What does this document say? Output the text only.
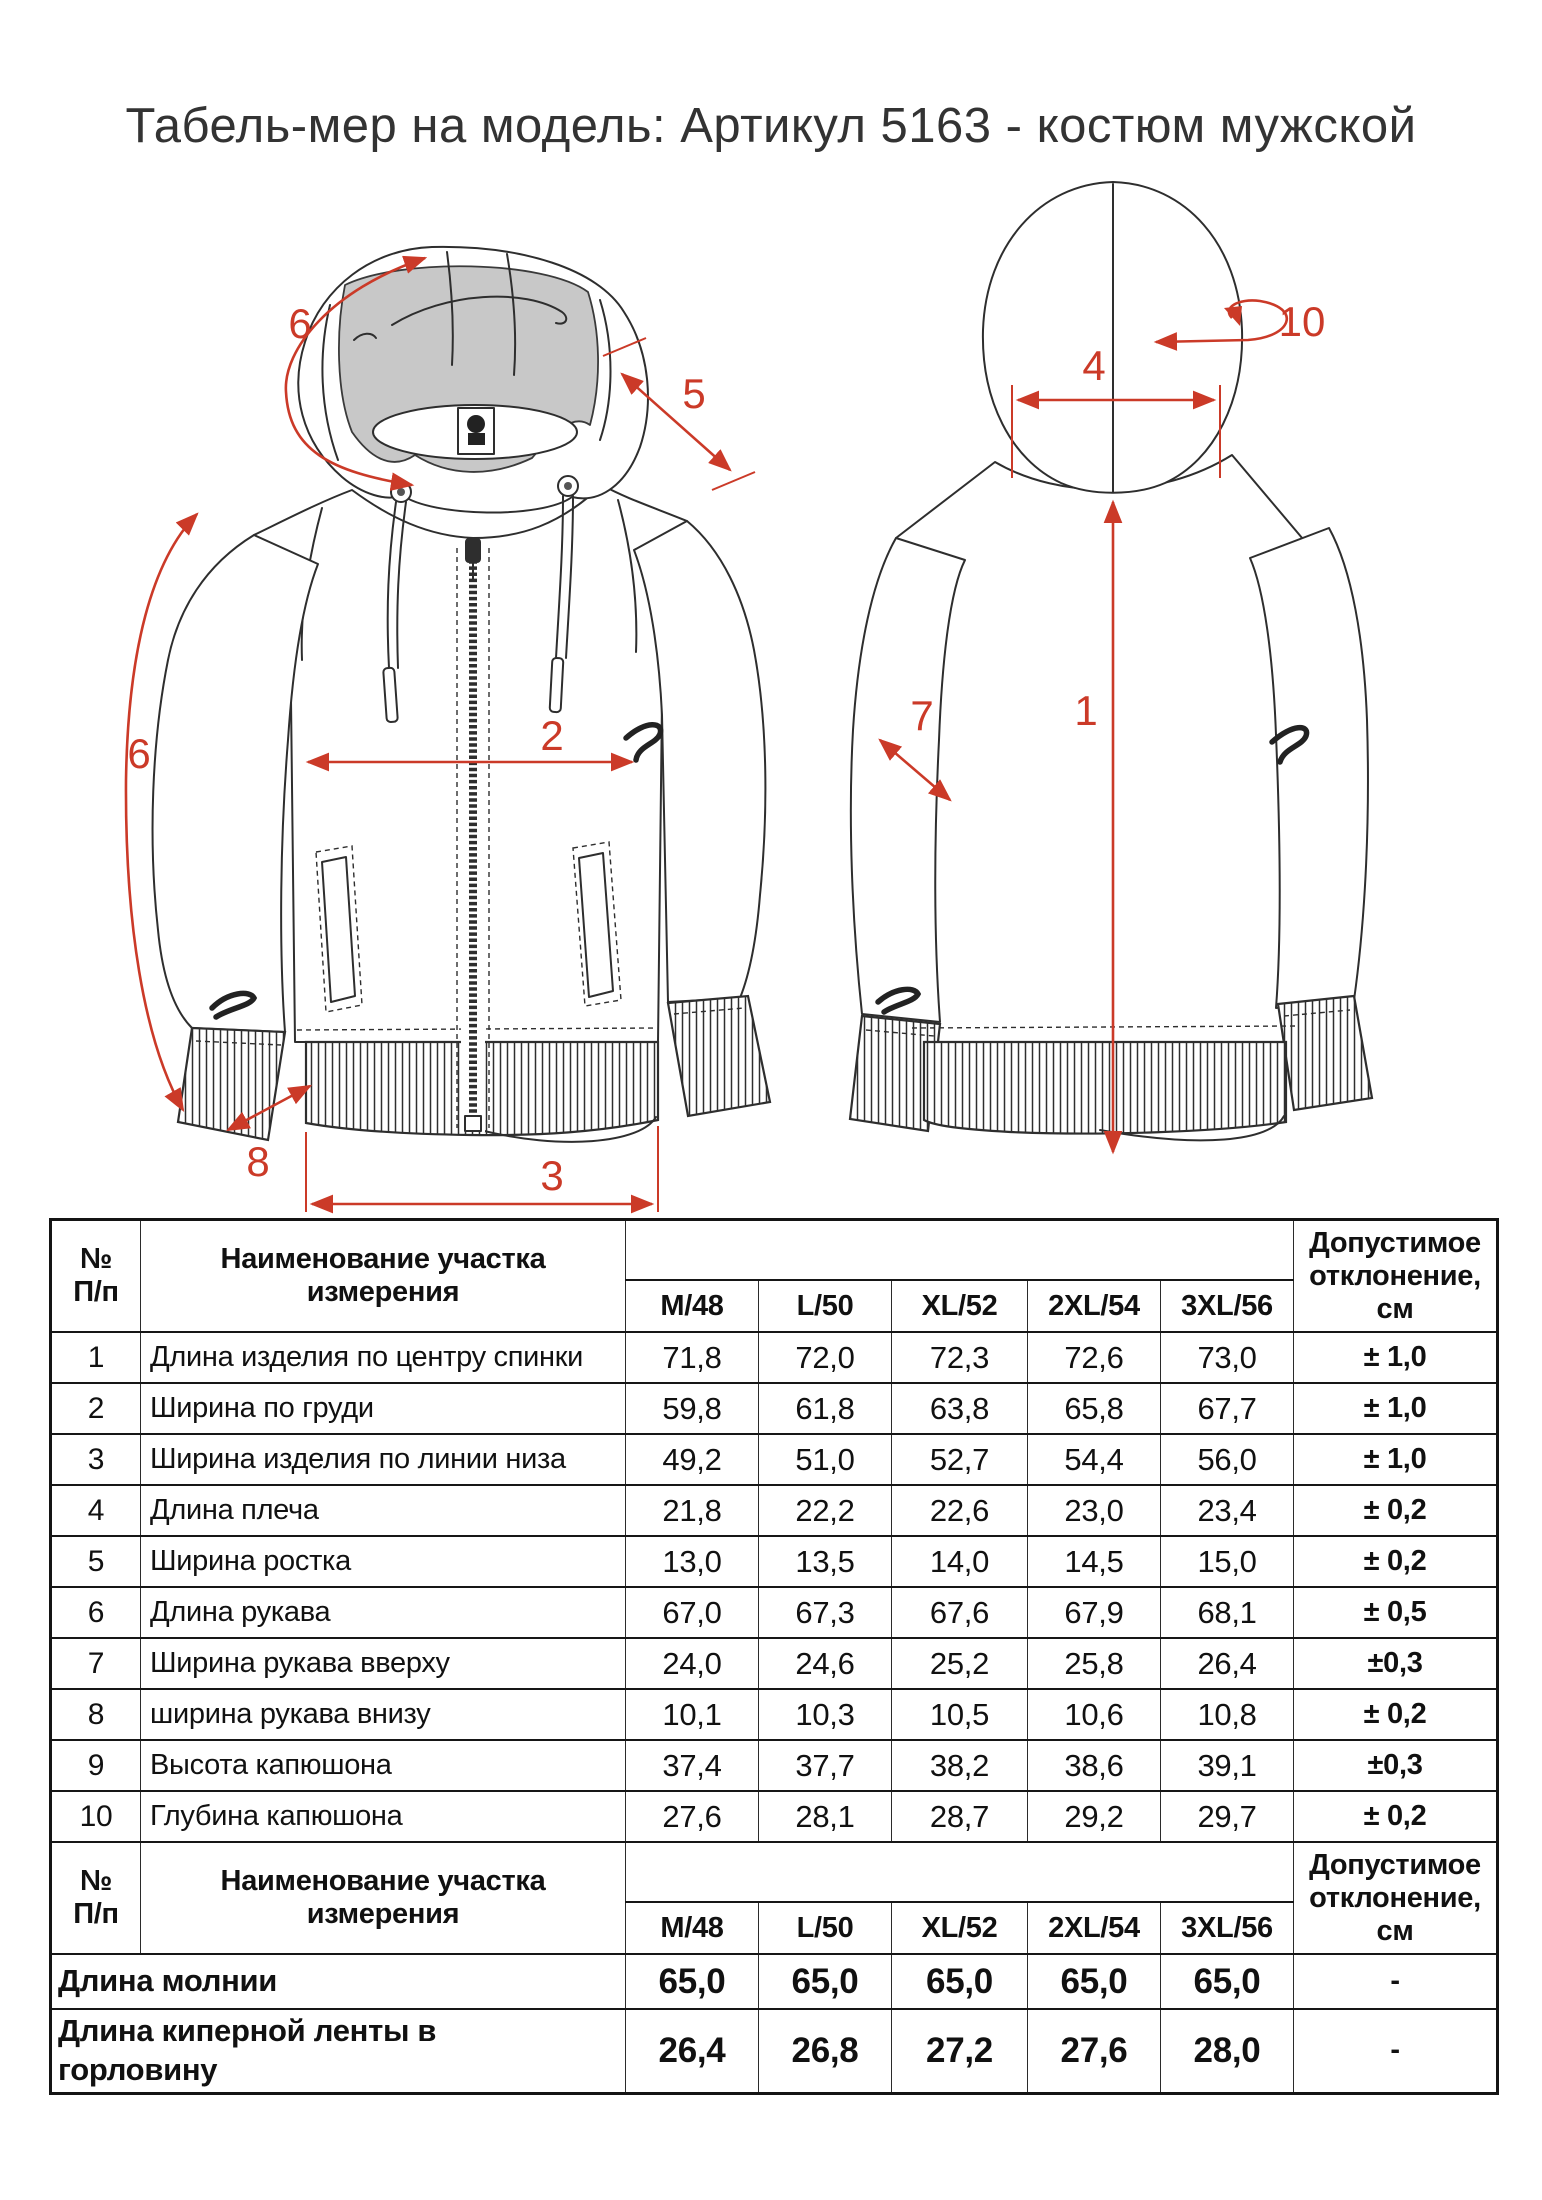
Табель-мер на модель: Артикул 5163 - костюм мужской
6
5
2
6
8	3
1
4
10
7
№
П/п	Наименование участка
измерения						Допустимое
отклонение,
см

		М/48	L/50	XL/52	2XL/54	3XL/56	
1	Длина изделия по центру спинки	71,8	72,0	72,3	72,6	73,0	± 1,0
2	Ширина по груди	59,8	61,8	63,8	65,8	67,7	± 1,0
3	Ширина изделия по линии низа	49,2	51,0	52,7	54,4	56,0	± 1,0
4	Длина плеча	21,8	22,2	22,6	23,0	23,4	± 0,2
5	Ширина ростка	13,0	13,5	14,0	14,5	15,0	± 0,2
6	Длина рукава	67,0	67,3	67,6	67,9	68,1	± 0,5
7	Ширина рукава вверху	24,0	24,6	25,2	25,8	26,4	±0,3
8	ширина рукава внизу	10,1	10,3	10,5	10,6	10,8	± 0,2
9	Высота капюшона	37,4	37,7	38,2	38,6	39,1	±0,3
10	Глубина капюшона	27,6	28,1	28,7	29,2	29,7	± 0,2

№
П/п	Наименование участка
измерения						Допустимое
отклонение,
см

		М/48	L/50	XL/52	2XL/54	3XL/56	
Длина молнии		65,0	65,0	65,0	65,0	65,0	-

Длина киперной ленты в
горловину		26,4	26,8	27,2	27,6	28,0	-
